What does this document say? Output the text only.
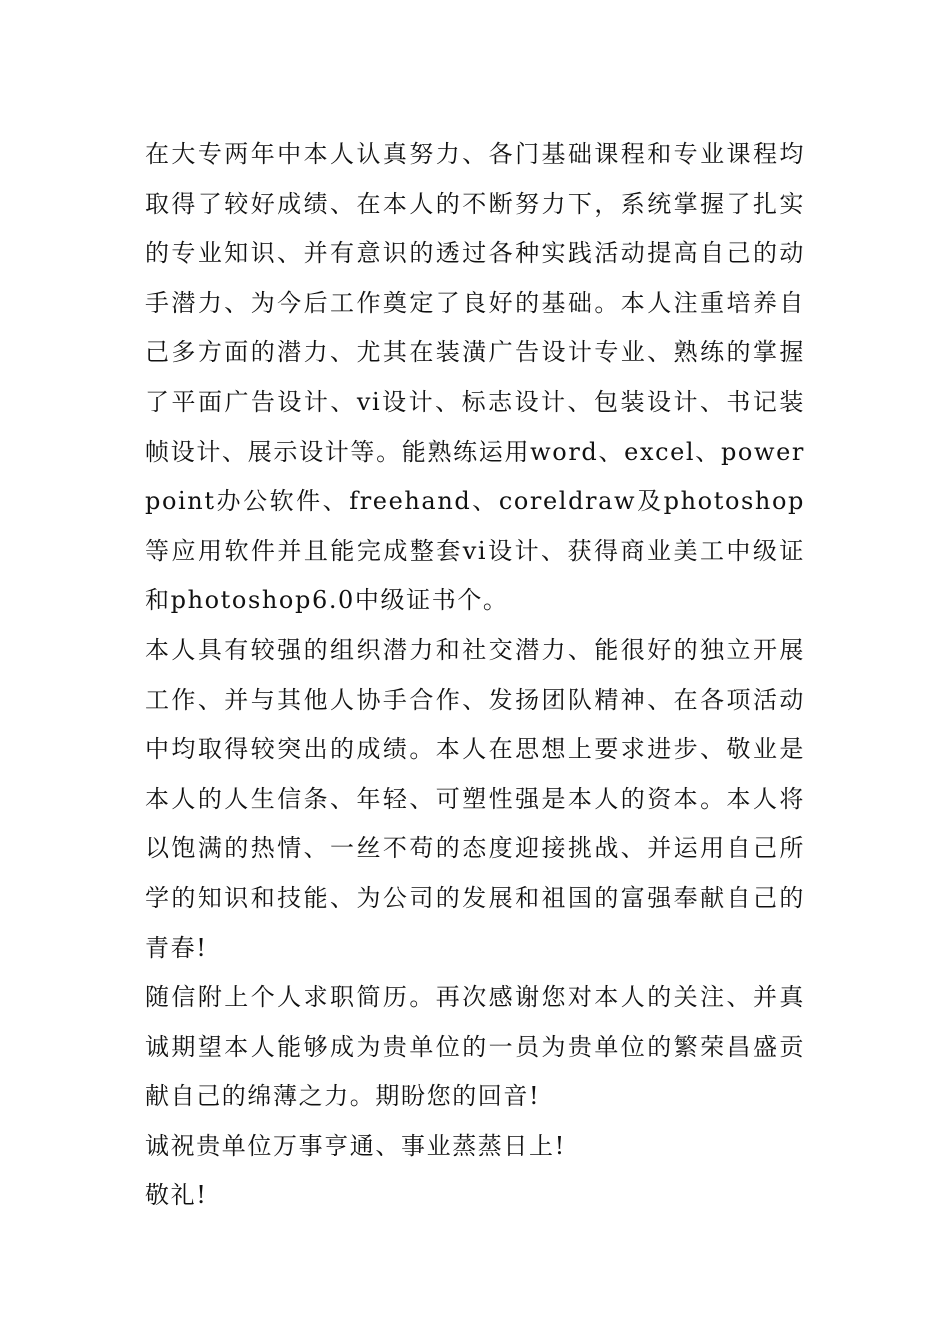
在大专两年中本人认真努力、各门基础课程和专业课程均取得了较好成绩、在本人的不断努力下，系统掌握了扎实的专业知识、并有意识的透过各种实践活动提高自己的动手潜力、为今后工作奠定了良好的基础。本人注重培养自己多方面的潜力、尤其在装潢广告设计专业、熟练的掌握了平面广告设计、vi设计、标志设计、包装设计、书记装帧设计、展示设计等。能熟练运用word、excel、powerpoint办公软件、freehand、coreldraw及photoshop等应用软件并且能完成整套vi设计、获得商业美工中级证和photoshop6.0中级证书个。

本人具有较强的组织潜力和社交潜力、能很好的独立开展工作、并与其他人协手合作、发扬团队精神、在各项活动中均取得较突出的成绩。本人在思想上要求进步、敬业是本人的人生信条、年轻、可塑性强是本人的资本。本人将以饱满的热情、一丝不苟的态度迎接挑战、并运用自己所学的知识和技能、为公司的发展和祖国的富强奉献自己的青春!

随信附上个人求职简历。再次感谢您对本人的关注、并真诚期望本人能够成为贵单位的一员为贵单位的繁荣昌盛贡献自己的绵薄之力。期盼您的回音!

诚祝贵单位万事亨通、事业蒸蒸日上!

敬礼!
